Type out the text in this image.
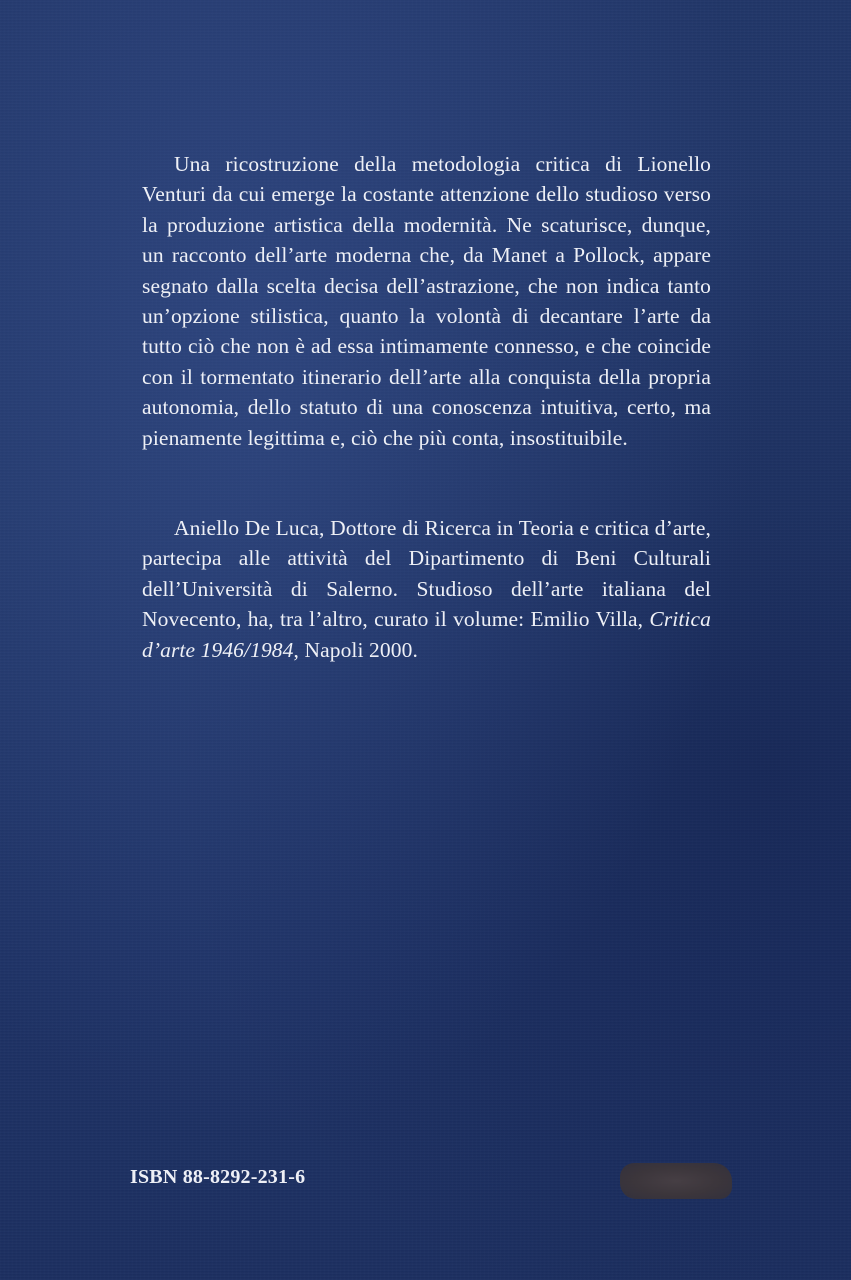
Una ricostruzione della metodologia critica di Lionello Venturi da cui emerge la costante attenzione dello studioso verso la produzione artistica della modernità. Ne scaturisce, dunque, un racconto dell’arte moderna che, da Manet a Pollock, appare segnato dalla scelta decisa dell’astrazione, che non indica tanto un’opzione stilistica, quanto la volontà di decantare l’arte da tutto ciò che non è ad essa intimamente connesso, e che coincide con il tormentato itinerario dell’arte alla conquista della propria autonomia, dello statuto di una conoscenza intuitiva, certo, ma pienamente legittima e, ciò che più conta, insostituibile.

Aniello De Luca, Dottore di Ricerca in Teoria e critica d’arte, partecipa alle attività del Dipartimento di Beni Culturali dell’Università di Salerno. Studioso dell’arte italiana del Novecento, ha, tra l’altro, curato il volume: Emilio Villa, Critica d’arte 1946/1984, Napoli 2000.

ISBN 88-8292-231-6
